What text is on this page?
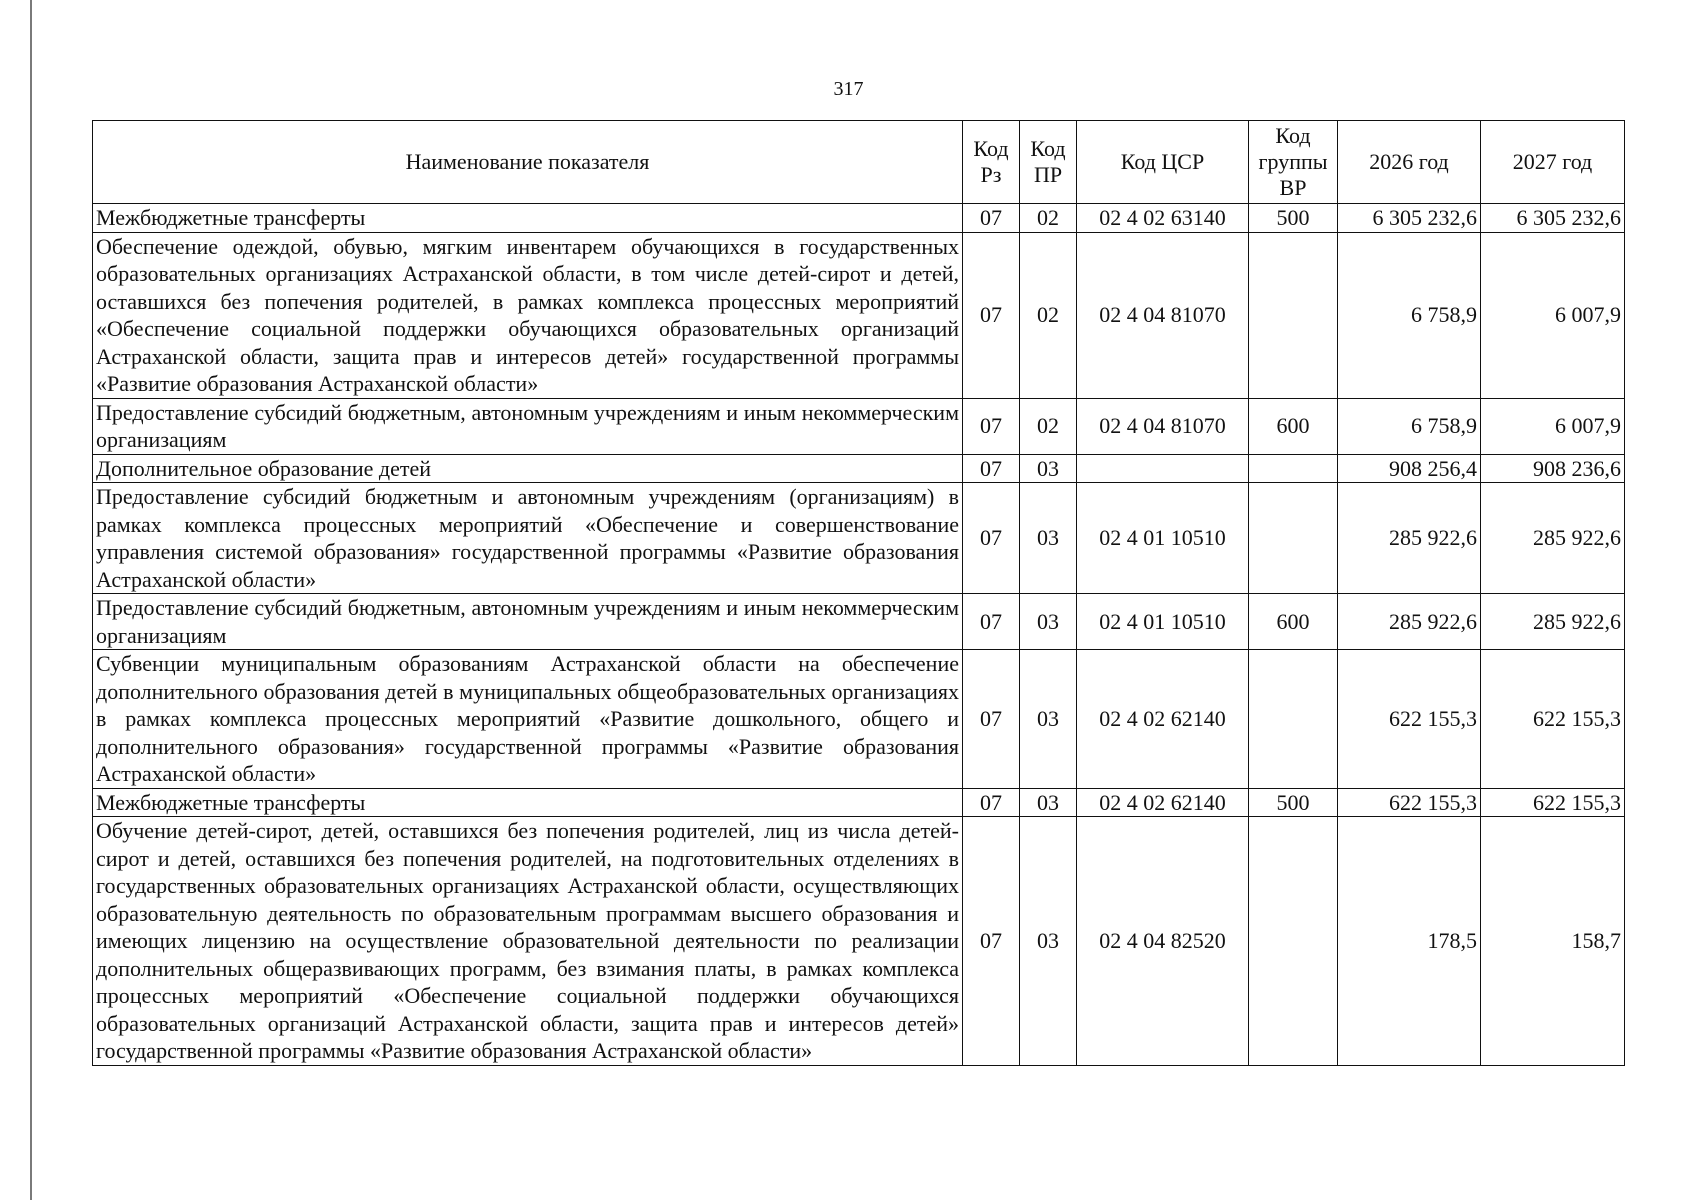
317
Наименование показателя	Код Рз	Код ПР	Код ЦСР	Код группы ВР	2026 год	2027 год
Межбюджетные трансферты	07	02	02 4 02 63140	500	6 305 232,6	6 305 232,6
Обеспечение одеждой, обувью, мягким инвентарем обучающихся в государственных образовательных организациях Астраханской области, в том числе детей-сирот и детей, оставшихся без попечения родителей, в рамках комплекса процессных мероприятий «Обеспечение социальной поддержки обучающихся образовательных организаций Астраханской области, защита прав и интересов детей» государственной программы «Развитие образования Астраханской области»	07	02	02 4 04 81070		6 758,9	6 007,9
Предоставление субсидий бюджетным, автономным учреждениям и иным некоммерческим организациям	07	02	02 4 04 81070	600	6 758,9	6 007,9
Дополнительное образование детей	07	03			908 256,4	908 236,6
Предоставление субсидий бюджетным и автономным учреждениям (организациям) в рамках комплекса процессных мероприятий «Обеспечение и совершенствование управления системой образования» государственной программы «Развитие образования Астраханской области»	07	03	02 4 01 10510		285 922,6	285 922,6
Предоставление субсидий бюджетным, автономным учреждениям и иным некоммерческим организациям	07	03	02 4 01 10510	600	285 922,6	285 922,6
Субвенции муниципальным образованиям Астраханской области на обеспечение дополнительного образования детей в муниципальных общеобразовательных организациях в рамках комплекса процессных мероприятий «Развитие дошкольного, общего и дополнительного образования» государственной программы «Развитие образования Астраханской области»	07	03	02 4 02 62140		622 155,3	622 155,3
Межбюджетные трансферты	07	03	02 4 02 62140	500	622 155,3	622 155,3
Обучение детей-сирот, детей, оставшихся без попечения родителей, лиц из числа детей-сирот и детей, оставшихся без попечения родителей, на подготовительных отделениях в государственных образовательных организациях Астраханской области, осуществляющих образовательную деятельность по образовательным программам высшего образования и имеющих лицензию на осуществление образовательной деятельности по реализации дополнительных общеразвивающих программ, без взимания платы, в рамках комплекса процессных мероприятий «Обеспечение социальной поддержки обучающихся образовательных организаций Астраханской области, защита прав и интересов детей» государственной программы «Развитие образования Астраханской области»	07	03	02 4 04 82520		178,5	158,7
